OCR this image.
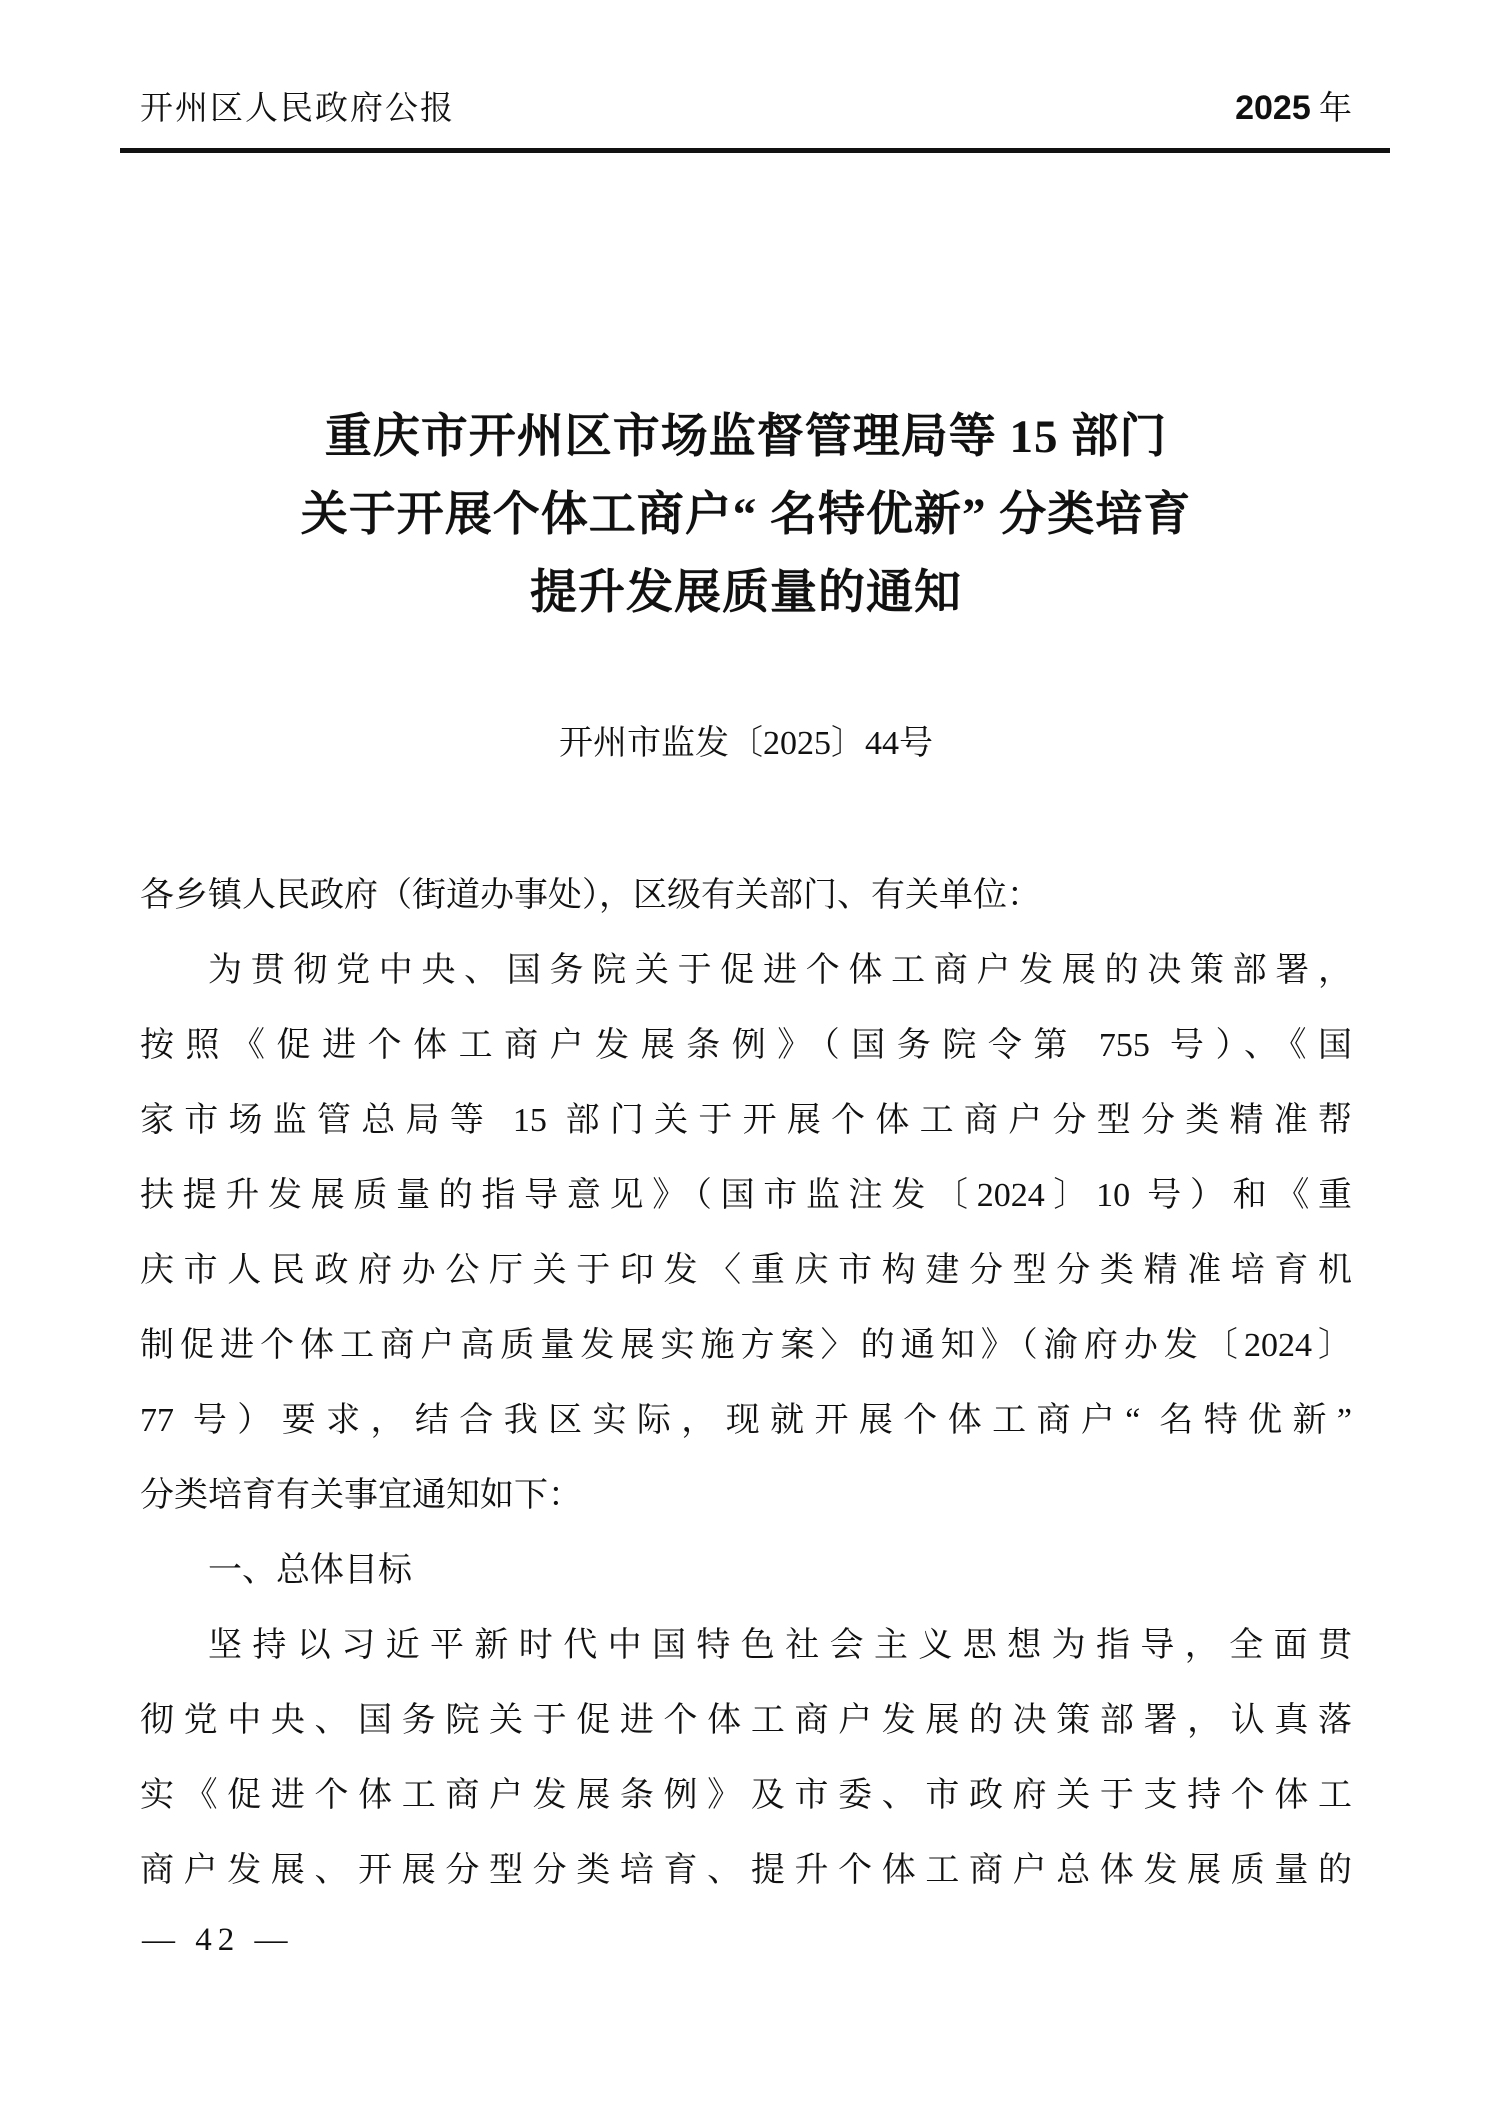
开州区人民政府公报	2025 年
重庆市开州区市场监督管理局等 15 部门
关于开展个体工商户“ 名特优新” 分类培育
提升发展质量的通知
开州市监发〔2025〕44号
各乡镇人民政府（街道办事处），区级有关部门、有关单位：
为贯彻党中央、国务院关于促进个体工商户发展的决策部署，
按照《促进个体工商户发展条例》（国务院令第 755 号）、《国
家市场监管总局等 15 部门关于开展个体工商户分型分类精准帮
扶提升发展质量的指导意见》（国市监注发〔2024〕10 号）和《重
庆市人民政府办公厅关于印发〈重庆市构建分型分类精准培育机
制促进个体工商户高质量发展实施方案〉的通知》（渝府办发〔2024〕
77 号）要求，结合我区实际，现就开展个体工商户“ 名特优新”
分类培育有关事宜通知如下：
一、总体目标
坚持以习近平新时代中国特色社会主义思想为指导，全面贯
彻党中央、国务院关于促进个体工商户发展的决策部署，认真落
实《促进个体工商户发展条例》及市委、市政府关于支持个体工
商户发展、开展分型分类培育、提升个体工商户总体发展质量的
— 42 —
